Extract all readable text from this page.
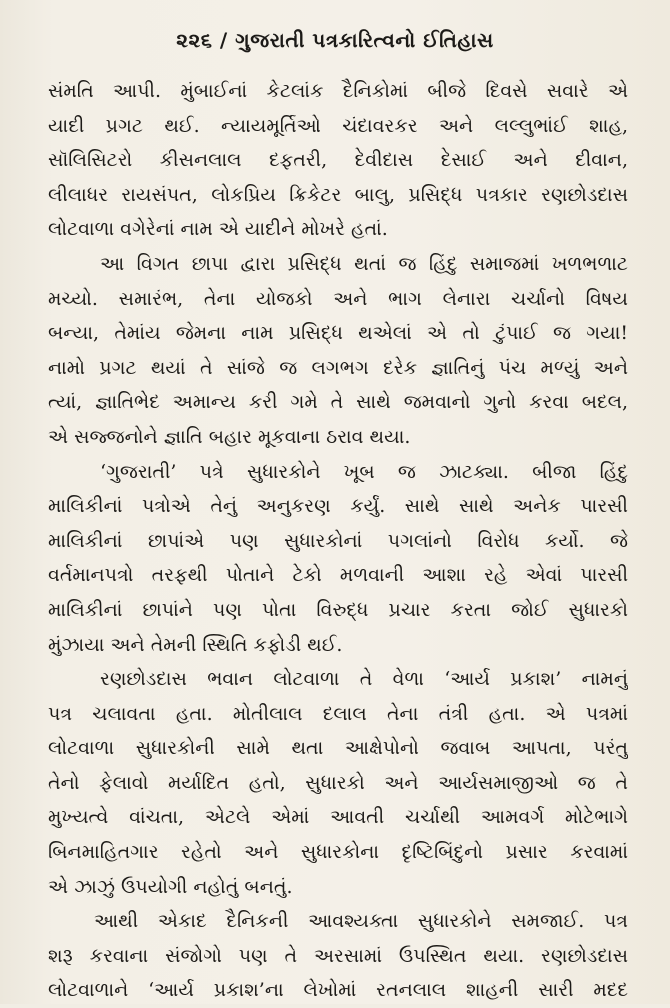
૨૨૬ / ગુજરાતી પત્રકારિત્વનો ઈતિહાસ
સંમતિ આપી. મુંબાઈનાં કેટલાંક દૈનિકોમાં બીજે દિવસે સવારે એ
યાદી પ્રગટ થઈ. ન્યાયમૂર્તિઓ ચંદાવરકર અને લલ્લુભાંઈ શાહ,
સૉલિસિટરો કીસનલાલ દફતરી, દેવીદાસ દેસાઈ અને દીવાન,
લીલાધર રાયસંપત, લોકપ્રિય ક્રિકેટર બાલુ, પ્રસિદ્ધ પત્રકાર રણછોડદાસ
લોટવાળા વગેરેનાં નામ એ યાદીને મોખરે હતાં.
આ વિગત છાપા દ્વારા પ્રસિદ્ધ થતાં જ હિંદુ સમાજમાં ખળભળાટ
મચ્યો. સમારંભ, તેના યોજકો અને ભાગ લેનારા ચર્ચાનો વિષય
બન્યા, તેમાંય જેમના નામ પ્રસિદ્ધ થએલાં એ તો ટુંપાઈ જ ગયા!
નામો પ્રગટ થયાં તે સાંજે જ લગભગ દરેક જ્ઞાતિનું પંચ મળ્યું અને
ત્યાં, જ્ઞાતિભેદ અમાન્ય કરી ગમે તે સાથે જમવાનો ગુનો કરવા બદલ,
એ સજ્જનોને જ્ઞાતિ બહાર મૂકવાના ઠરાવ થયા.
‘ગુજરાતી’ પત્રે સુધારકોને ખૂબ જ ઝાટક્યા. બીજા હિંદુ
માલિકીનાં પત્રોએ તેનું અનુકરણ કર્યું. સાથે સાથે અનેક પારસી
માલિકીનાં છાપાંએ પણ સુધારકોનાં પગલાંનો વિરોધ કર્યો. જે
વર્તમાનપત્રો તરફથી પોતાને ટેકો મળવાની આશા રહે એવાં પારસી
માલિકીનાં છાપાંને પણ પોતા વિરુદ્ધ પ્રચાર કરતા જોઈ સુધારકો
મુંઝાયા અને તેમની સ્થિતિ કફોડી થઈ.
રણછોડદાસ ભવાન લોટવાળા તે વેળા ‘આર્ય પ્રકાશ’ નામનું
પત્ર ચલાવતા હતા. મોતીલાલ દલાલ તેના તંત્રી હતા. એ પત્રમાં
લોટવાળા સુધારકોની સામે થતા આક્ષેપોનો જવાબ આપતા, પરંતુ
તેનો ફેલાવો મર્યાદિત હતો, સુધારકો અને આર્યસમાજીઓ જ તે
મુખ્યત્વે વાંચતા, એટલે એમાં આવતી ચર્ચાથી આમવર્ગ મોટેભાગે
બિનમાહિતગાર રહેતો અને સુધારકોના દૃષ્ટિબિંદુનો પ્રસાર કરવામાં
એ ઝાઝું ઉપયોગી નહોતું બનતું.
આથી એકાદ દૈનિકની આવશ્યક્તા સુધારકોને સમજાઈ. પત્ર
શરૂ કરવાના સંજોગો પણ તે અરસામાં ઉપસ્થિત થયા. રણછોડદાસ
લોટવાળાને ‘આર્ય પ્રકાશ’ના લેખોમાં રતનલાલ શાહની સારી મદદ
